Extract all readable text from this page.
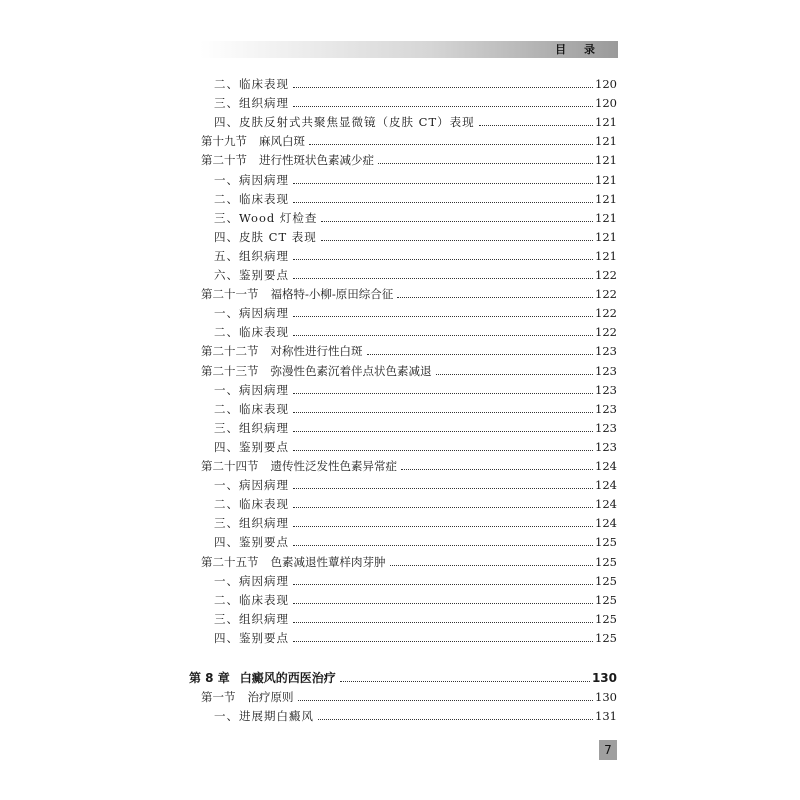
目 录
二、临床表现	120
三、组织病理	120
四、皮肤反射式共聚焦显微镜（皮肤 CT）表现	121
第十九节 麻风白斑	121
第二十节 进行性斑状色素减少症	121
一、病因病理	121
二、临床表现	121
三、Wood 灯检查	121
四、皮肤 CT 表现	121
五、组织病理	121
六、鉴别要点	122
第二十一节 福格特-小柳-原田综合征	122
一、病因病理	122
二、临床表现	122
第二十二节 对称性进行性白斑	123
第二十三节 弥漫性色素沉着伴点状色素减退	123
一、病因病理	123
二、临床表现	123
三、组织病理	123
四、鉴别要点	123
第二十四节 遗传性泛发性色素异常症	124
一、病因病理	124
二、临床表现	124
三、组织病理	124
四、鉴别要点	125
第二十五节 色素减退性蕈样肉芽肿	125
一、病因病理	125
二、临床表现	125
三、组织病理	125
四、鉴别要点	125
第 8 章 白癜风的西医治疗	130
第一节 治疗原则	130
一、进展期白癜风	131
7
